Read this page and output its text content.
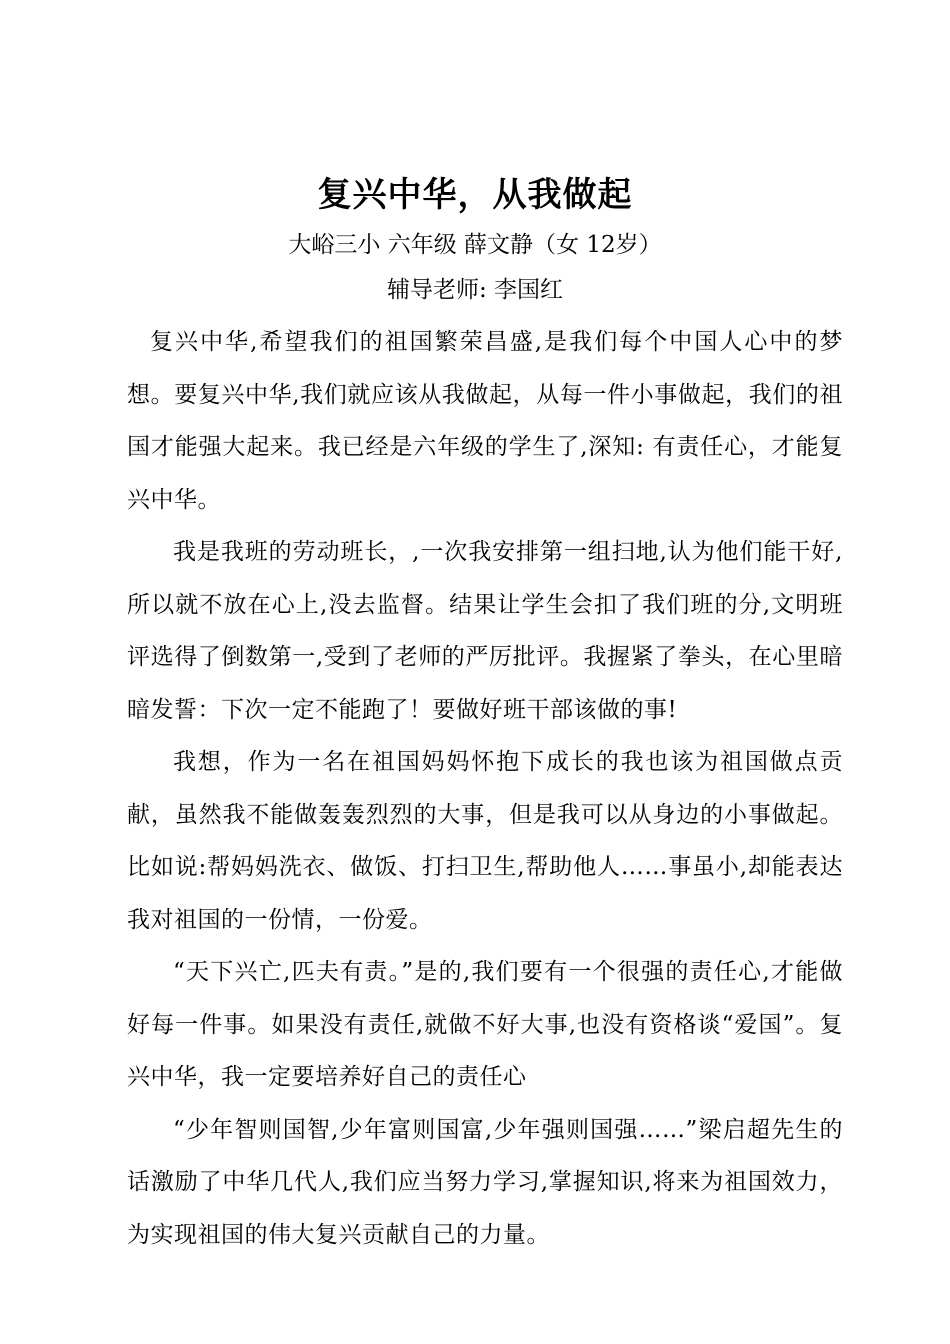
复兴中华，从我做起
大峪三小 六年级 薛文静（女 12岁）
辅导老师: 李国红

复兴中华,希望我们的祖国繁荣昌盛,是我们每个中国人心中的梦想。要复兴中华,我们就应该从我做起，从每一件小事做起，我们的祖国才能强大起来。我已经是六年级的学生了,深知: 有责任心，才能复兴中华。

我是我班的劳动班长，,一次我安排第一组扫地,认为他们能干好,所以就不放在心上,没去监督。结果让学生会扣了我们班的分,文明班评选得了倒数第一,受到了老师的严厉批评。我握紧了拳头，在心里暗暗发誓：下次一定不能跑了！要做好班干部该做的事!

我想，作为一名在祖国妈妈怀抱下成长的我也该为祖国做点贡献，虽然我不能做轰轰烈烈的大事，但是我可以从身边的小事做起。比如说:帮妈妈洗衣、做饭、打扫卫生,帮助他人……事虽小,却能表达我对祖国的一份情，一份爱。

“天下兴亡,匹夫有责。”是的,我们要有一个很强的责任心,才能做好每一件事。如果没有责任,就做不好大事,也没有资格谈“爱国”。复兴中华，我一定要培养好自己的责任心

“少年智则国智,少年富则国富,少年强则国强……”梁启超先生的话激励了中华几代人,我们应当努力学习,掌握知识,将来为祖国效力，为实现祖国的伟大复兴贡献自己的力量。
